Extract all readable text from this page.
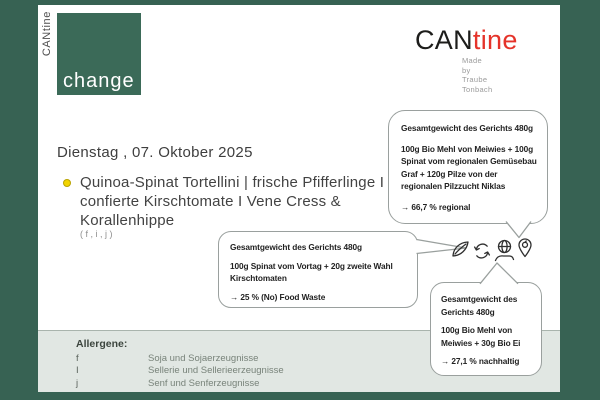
CANtine
change
CANtine
Made
by
Traube
Tonbach
Dienstag , 07. Oktober 2025
Quinoa-Spinat Tortellini | frische Pfifferlinge I
confierte Kirschtomate I Vene Cress &
Korallenhippe
(f,i,j)
Allergene:
f	Soja und Sojaerzeugnisse
I	Sellerie und Sellerieerzeugnisse
j	Senf und Senferzeugnisse
Gesamtgewicht des Gerichts 480g
100g Bio Mehl von Meiwies + 100g
Spinat vom regionalen Gemüsebau
Graf + 120g Pilze von der
regionalen Pilzzucht Niklas
→ 66,7 % regional
Gesamtgewicht des Gerichts 480g
100g Spinat vom Vortag + 20g zweite Wahl
Kirschtomaten
→ 25 % (No) Food Waste	Gesamtgewicht des Gerichts 480g
100g Bio Mehl von
Meiwies + 30g Bio Ei
→ 27,1 % nachhaltig
